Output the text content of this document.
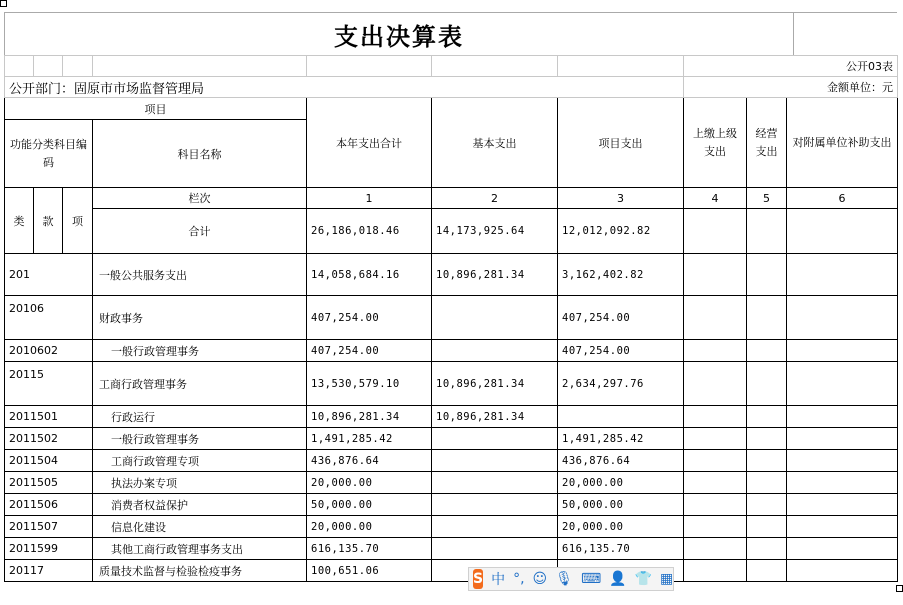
支出决算表
							公开03表		
公开部门：固原市市场监督管理局							金额单位：元		
项目				本年支出合计	基本支出	项目支出	上缴上级支出	经营支出	对附属单位补助支出
功能分类科目编码			科目名称						

类	款	项	栏次	1	2	3	4	5	6
			合计	26,186,018.46	14,173,925.64	12,012,092.82			
201			一般公共服务支出	14,058,684.16	10,896,281.34	3,162,402.82			
20106			财政事务	407,254.00		407,254.00			
2010602			一般行政管理事务	407,254.00		407,254.00			
20115			工商行政管理事务	13,530,579.10	10,896,281.34	2,634,297.76			
2011501			行政运行	10,896,281.34	10,896,281.34				
2011502			一般行政管理事务	1,491,285.42		1,491,285.42			
2011504			工商行政管理专项	436,876.64		436,876.64			
2011505			执法办案专项	20,000.00		20,000.00			
2011506			消费者权益保护	50,000.00		50,000.00			
2011507			信息化建设	20,000.00		20,000.00			
2011599			其他工商行政管理事务支出	616,135.70		616,135.70			
20117			质量技术监督与检验检疫事务	100,651.06					
S 中 °, ☺ 🎙 ⌨ 👤 👕 ▦
